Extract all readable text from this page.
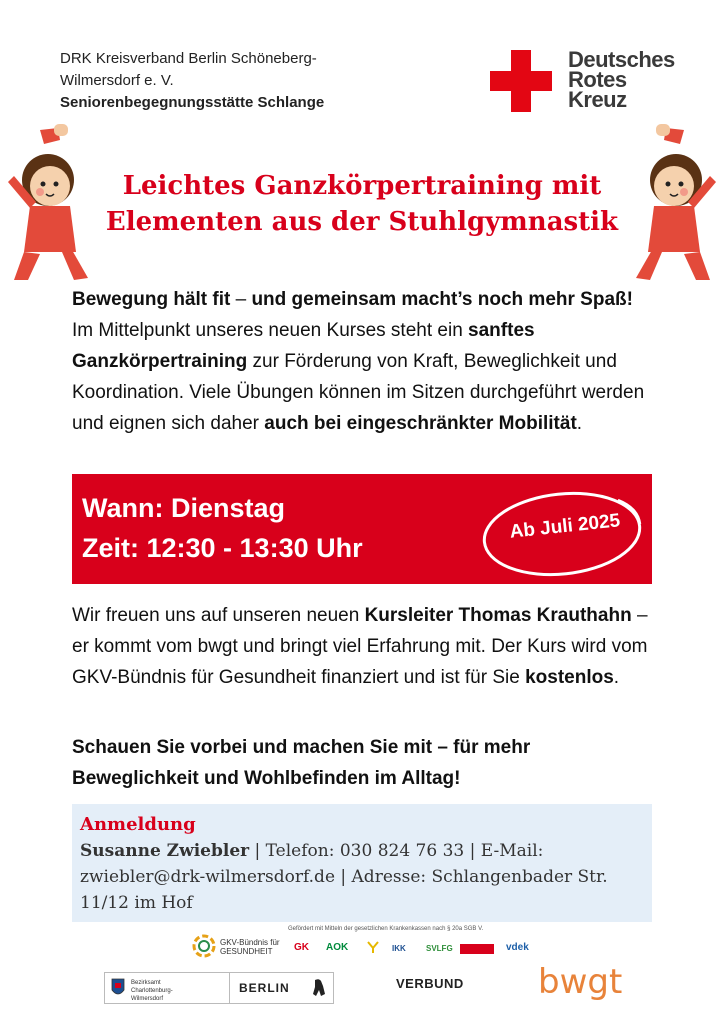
DRK Kreisverband Berlin Schöneberg-
Wilmersdorf e. V.
Seniorenbegegnungsstätte Schlange
Deutsches
Rotes
Kreuz
Leichtes Ganzkörpertraining mit
Elementen aus der Stuhlgymnastik
Bewegung hält fit – und gemeinsam macht’s noch mehr Spaß! Im Mittelpunkt unseres neuen Kurses steht ein sanftes Ganzkörpertraining zur Förderung von Kraft, Beweglichkeit und Koordination. Viele Übungen können im Sitzen durchgeführt werden und eignen sich daher auch bei eingeschränkter Mobilität.
Wann: Dienstag
Zeit: 12:30 - 13:30 Uhr
Ab Juli 2025
Wir freuen uns auf unseren neuen Kursleiter Thomas Krauthahn – er kommt vom bwgt und bringt viel Erfahrung mit. Der Kurs wird vom GKV-Bündnis für Gesundheit finanziert und ist für Sie kostenlos.
Schauen Sie vorbei und machen Sie mit – für mehr Beweglichkeit und Wohlbefinden im Alltag!
Anmeldung
Susanne Zwiebler | Telefon: 030 824 76 33 | E-Mail: zwiebler@drk-wilmersdorf.de | Adresse: Schlangenbader Str. 11/12 im Hof
Gefördert mit Mitteln der gesetzlichen Krankenkassen nach § 20a SGB V.
GKV-Bündnis für GESUNDHEIT	GK AOK	IKK	SVLFG	vdek
Bezirksamt Charlottenburg-Wilmersdorf
BERLIN	VERBUND bwgt
